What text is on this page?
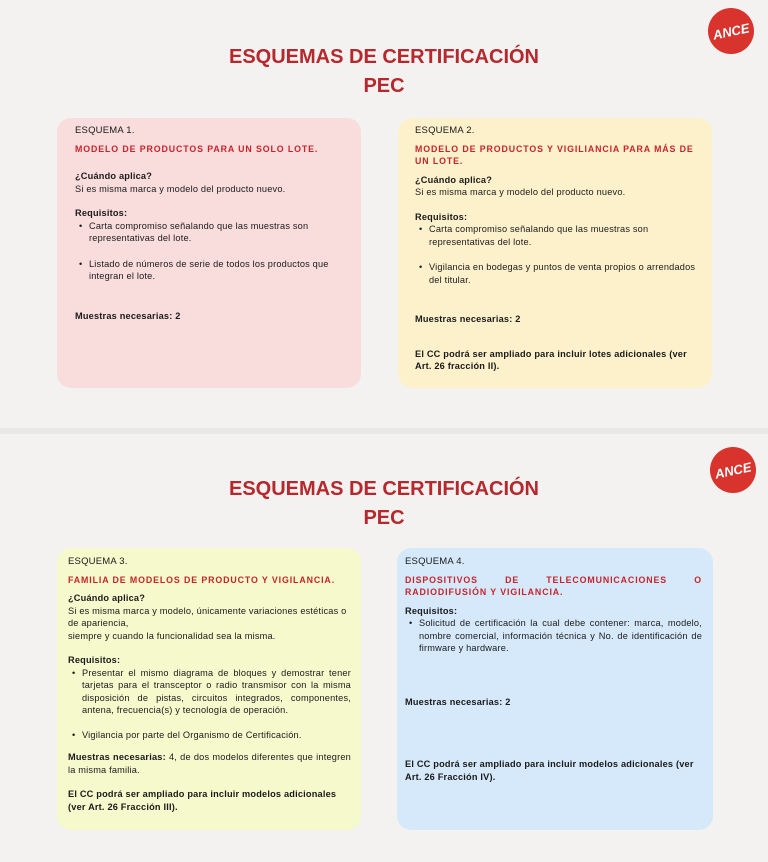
ESQUEMAS DE CERTIFICACIÓN
PEC
ANCE
ESQUEMA 1.
MODELO DE PRODUCTOS PARA UN SOLO LOTE.
¿Cuándo aplica?
Si es misma marca y modelo del producto nuevo.
Requisitos:
• Carta compromiso señalando que las muestras son representativas del lote.
• Listado de números de serie de todos los productos que integran el lote.
Muestras necesarias: 2
ESQUEMA 2.
MODELO DE PRODUCTOS Y VIGILIANCIA PARA MÁS DE UN LOTE.
¿Cuándo aplica?
Si es misma marca y modelo del producto nuevo.
Requisitos:
• Carta compromiso señalando que las muestras son representativas del lote.
• Vigilancia en bodegas y puntos de venta propios o arrendados del titular.
Muestras necesarias: 2
El CC podrá ser ampliado para incluir lotes adicionales (ver Art. 26 fracción II).
ESQUEMAS DE CERTIFICACIÓN
PEC
ANCE
ESQUEMA 3.
FAMILIA DE MODELOS DE PRODUCTO Y VIGILANCIA.
¿Cuándo aplica?
Si es misma marca y modelo, únicamente variaciones estéticas o de apariencia,
siempre y cuando la funcionalidad sea la misma.
Requisitos:
• Presentar el mismo diagrama de bloques y demostrar tener tarjetas para el transceptor o radio transmisor con la misma disposición de pistas, circuitos integrados, componentes, antena, frecuencia(s) y tecnología de operación.
• Vigilancia por parte del Organismo de Certificación.
Muestras necesarias: 4, de dos modelos diferentes que integren la misma familia.
El CC podrá ser ampliado para incluir modelos adicionales (ver Art. 26 Fracción III).
ESQUEMA 4.
DISPOSITIVOS DE TELECOMUNICACIONES O RADIODIFUSIÓN Y VIGILANCIA.
Requisitos:
• Solicitud de certificación la cual debe contener: marca, modelo, nombre comercial, información técnica y No. de identificación de firmware y hardware.
Muestras necesarias: 2
El CC podrá ser ampliado para incluir modelos adicionales (ver Art. 26 Fracción IV).
